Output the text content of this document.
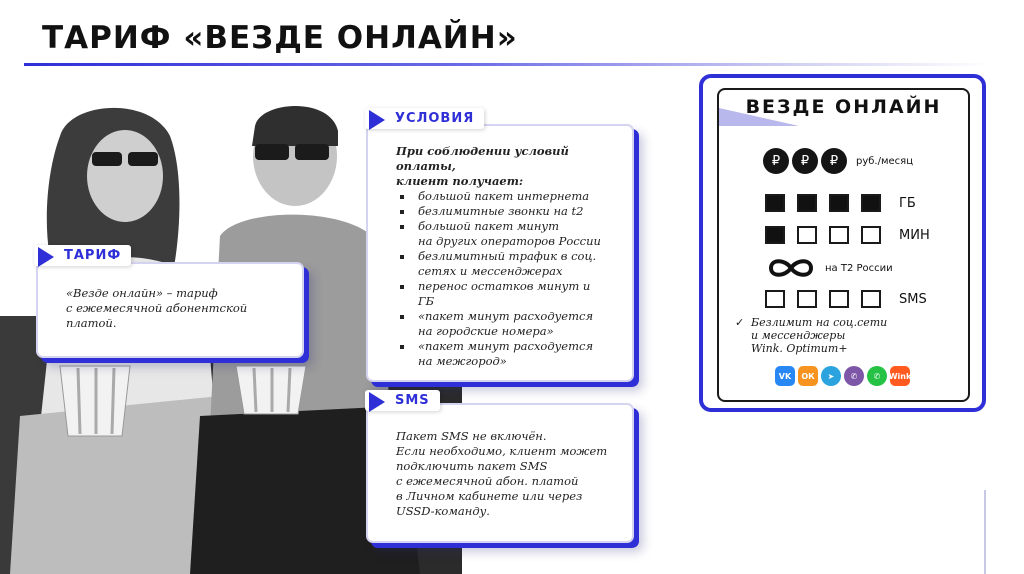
ТАРИФ «ВЕЗДЕ ОНЛАЙН»
«Везде онлайн» – тариф
с ежемесячной абонентской
платой.
ТАРИФ
При соблюдении условий оплаты,
клиент получает:
большой пакет интернета
безлимитные звонки на t2
большой пакет минут
на других операторов России
безлимитный трафик в соц.
сетях и мессенджерах
перенос остатков минут и
ГБ
«пакет минут расходуется
на городские номера»
«пакет минут расходуется
на межгород»
УСЛОВИЯ
Пакет SMS не включён.
Если необходимо, клиент может
подключить пакет SMS
с ежемесячной абон. платой
в Личном кабинете или через
USSD-команду.
SMS
ВЕЗДЕ ОНЛАЙН
₽	₽	₽	руб./месяц
ГБ
МИН
на Т2 России
SMS
✓ Безлимит на соц.сети
и мессенджеры
Wink. Optimum+
VK	ОК	➤	✆	✆	Wink
